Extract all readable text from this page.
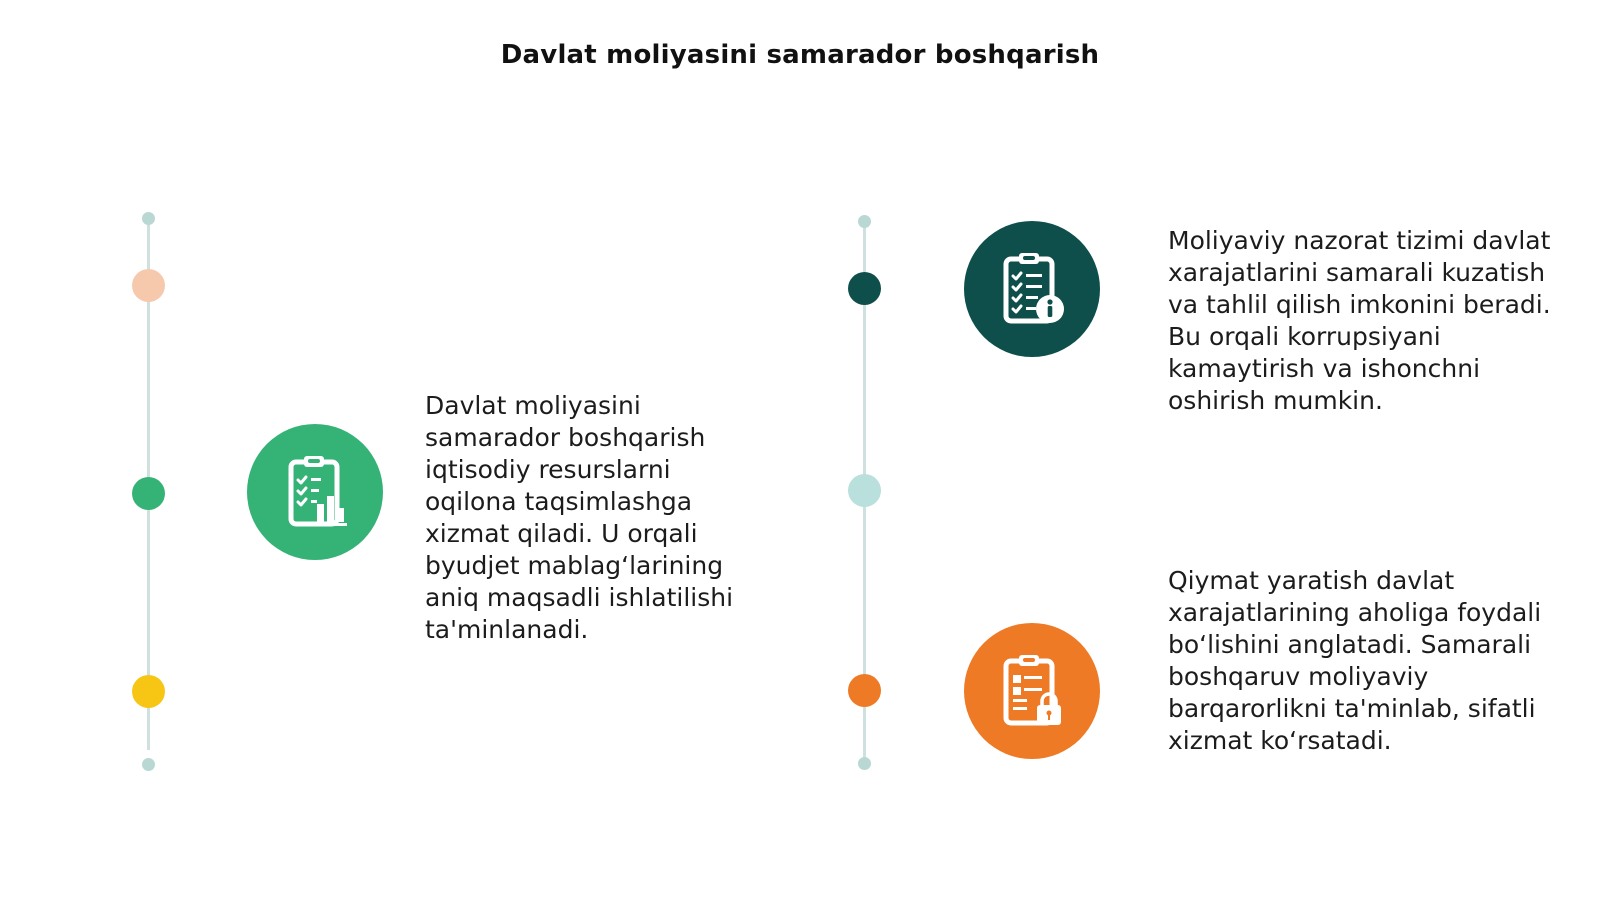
Davlat moliyasini samarador boshqarish

Davlat moliyasini samarador boshqarish iqtisodiy resurslarni oqilona taqsimlashga xizmat qiladi. U orqali byudjet mablag‘larining aniq maqsadli ishlatilishi ta'minlanadi.

Moliyaviy nazorat tizimi davlat xarajatlarini samarali kuzatish va tahlil qilish imkonini beradi. Bu orqali korrupsiyani kamaytirish va ishonchni oshirish mumkin.

Qiymat yaratish davlat xarajatlarining aholiga foydali bo‘lishini anglatadi. Samarali boshqaruv moliyaviy barqarorlikni ta'minlab, sifatli xizmat ko‘rsatadi.
